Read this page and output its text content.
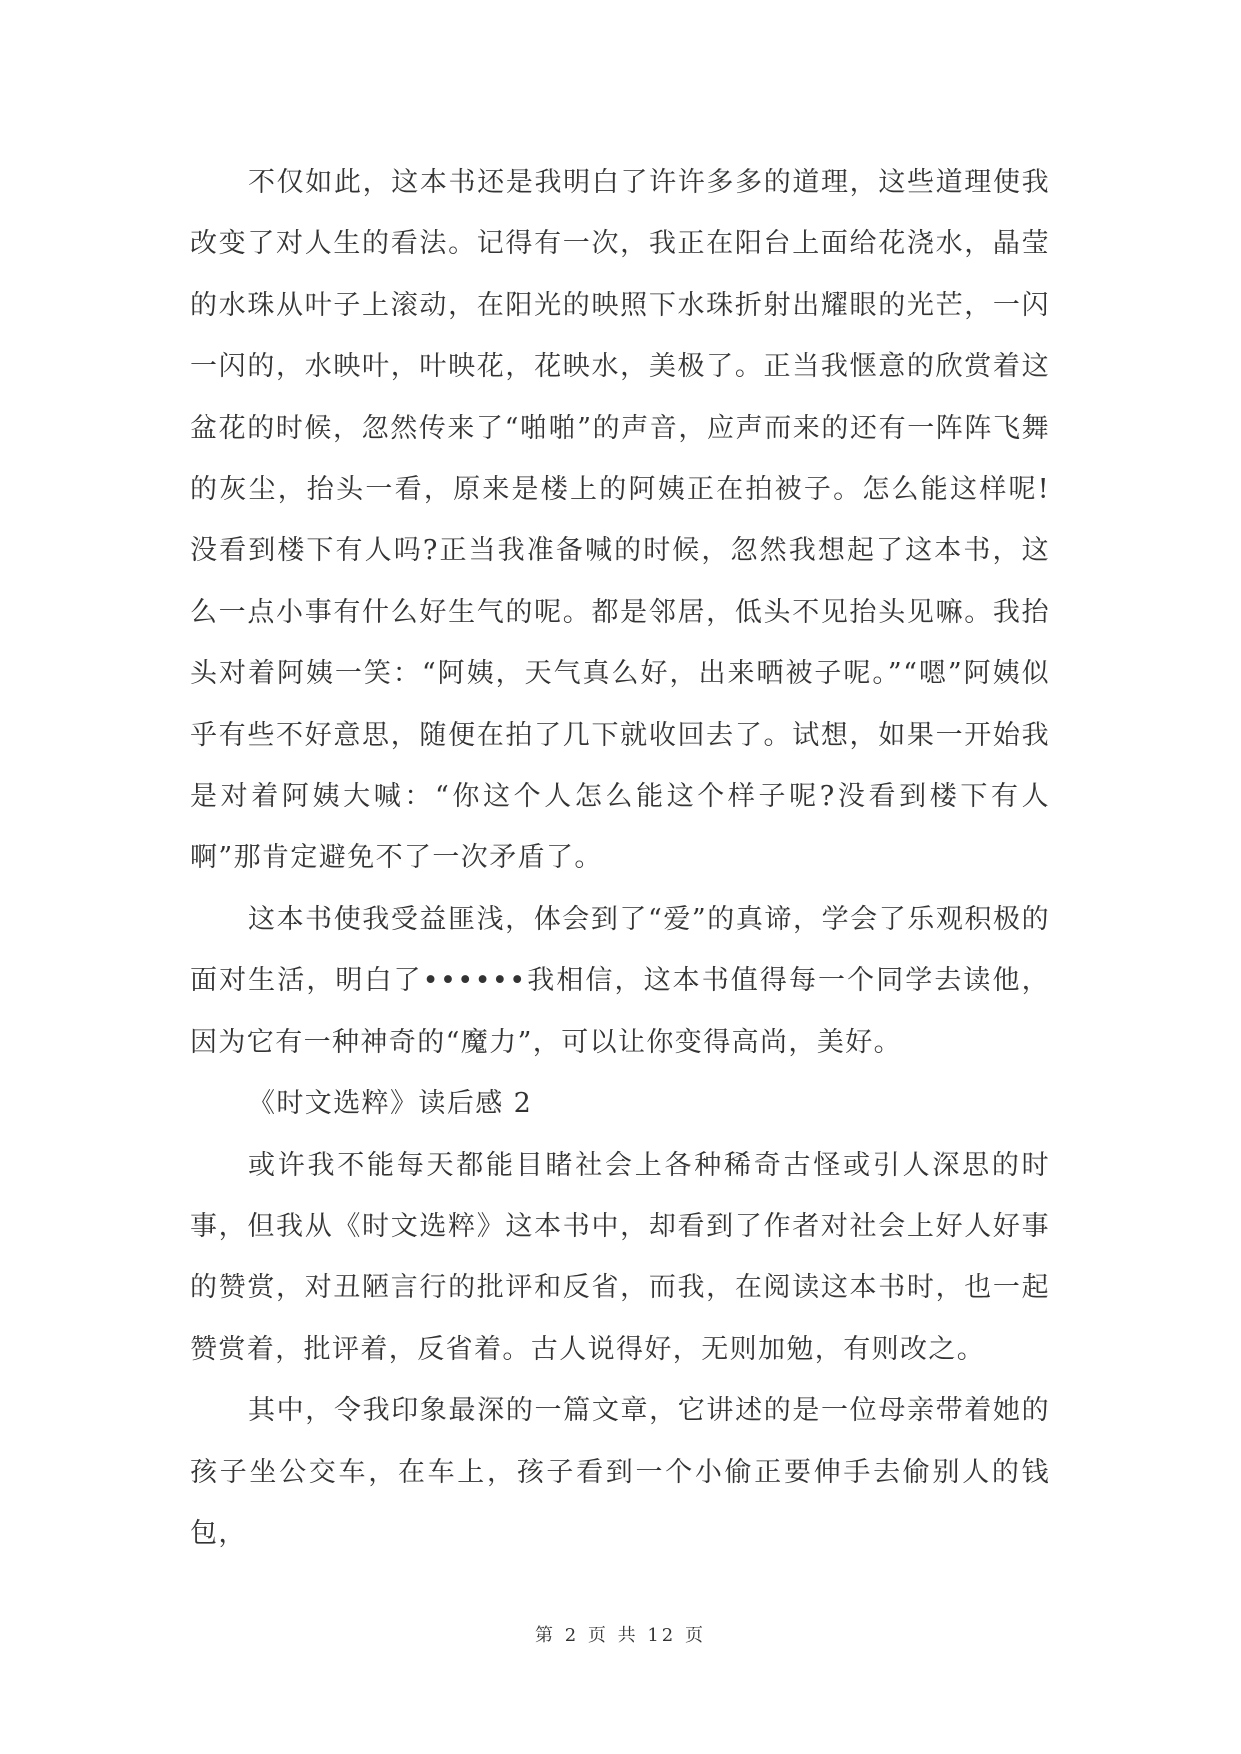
不仅如此，这本书还是我明白了许许多多的道理，这些道理使我改变了对人生的看法。记得有一次，我正在阳台上面给花浇水，晶莹的水珠从叶子上滚动，在阳光的映照下水珠折射出耀眼的光芒，一闪一闪的，水映叶，叶映花，花映水，美极了。正当我惬意的欣赏着这盆花的时候，忽然传来了“啪啪”的声音，应声而来的还有一阵阵飞舞的灰尘，抬头一看，原来是楼上的阿姨正在拍被子。怎么能这样呢!没看到楼下有人吗?正当我准备喊的时候，忽然我想起了这本书，这么一点小事有什么好生气的呢。都是邻居，低头不见抬头见嘛。我抬头对着阿姨一笑：“阿姨，天气真么好，出来晒被子呢。”“嗯”阿姨似乎有些不好意思，随便在拍了几下就收回去了。试想，如果一开始我是对着阿姨大喊：“你这个人怎么能这个样子呢?没看到楼下有人啊”那肯定避免不了一次矛盾了。

这本书使我受益匪浅，体会到了“爱”的真谛，学会了乐观积极的面对生活，明白了••••••我相信，这本书值得每一个同学去读他，因为它有一种神奇的“魔力”，可以让你变得高尚，美好。

《时文选粹》读后感 2

或许我不能每天都能目睹社会上各种稀奇古怪或引人深思的时事，但我从《时文选粹》这本书中，却看到了作者对社会上好人好事的赞赏，对丑陋言行的批评和反省，而我，在阅读这本书时，也一起赞赏着，批评着，反省着。古人说得好，无则加勉，有则改之。

其中，令我印象最深的一篇文章，它讲述的是一位母亲带着她的孩子坐公交车，在车上，孩子看到一个小偷正要伸手去偷别人的钱包，

第 2 页 共 12 页
